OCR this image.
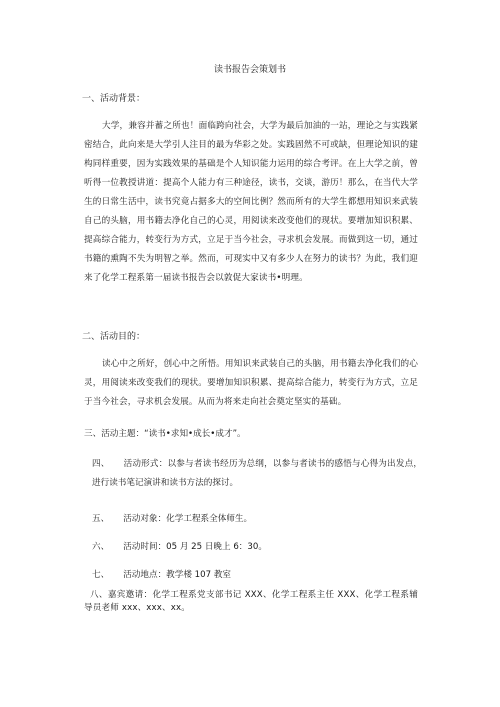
读书报告会策划书
一、活动背景：
大学，兼容并蓄之所也！面临跨向社会，大学为最后加油的一站，理论之与实践紧密结合，此向来是大学引人注目的最为华彩之处。实践固然不可或缺，但理论知识的建构同样重要，因为实践效果的基础是个人知识能力运用的综合考评。在上大学之前，曾听得一位教授讲道：提高个人能力有三种途径，读书，交谈，游历！那么，在当代大学生的日常生活中，读书究竟占据多大的空间比例？然而所有的大学生都想用知识来武装自己的头脑，用书籍去净化自己的心灵，用阅读来改变他们的现状。要增加知识积累、提高综合能力，转变行为方式，立足于当今社会，寻求机会发展。而做到这一切，通过书籍的熏陶不失为明智之举。然而，可现实中又有多少人在努力的读书？为此，我们迎来了化学工程系第一届读书报告会以敦促大家读书•明理。
二、活动目的：
读心中之所好，创心中之所悟。用知识来武装自己的头脑，用书籍去净化我们的心灵，用阅读来改变我们的现状。要增加知识积累、提高综合能力，转变行为方式，立足于当今社会，寻求机会发展。从而为将来走向社会奠定坚实的基础。
三、活动主题：“读书•求知•成长•成才”。
四、 活动形式：以参与者读书经历为总纲，以参与者读书的感悟与心得为出发点，进行读书笔记演讲和读书方法的探讨。
五、 活动对象：化学工程系全体师生。
六、 活动时间：05 月 25 日晚上 6：30。
七、 活动地点：教学楼 107 教室
八、嘉宾邀请：化学工程系党支部书记 XXX、化学工程系主任 XXX、化学工程系辅导员老师 xxx、xxx、xx。
